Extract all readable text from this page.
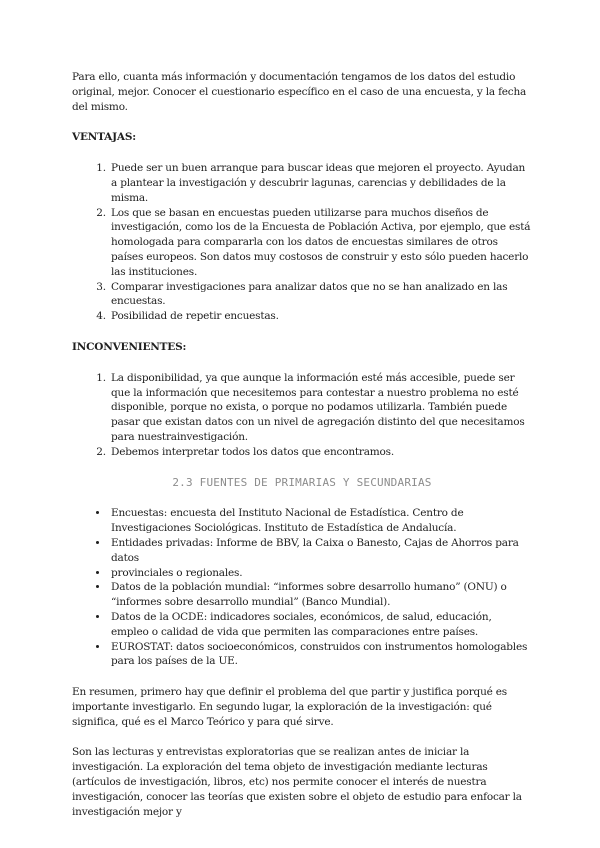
Para ello, cuanta más información y documentación tengamos de los datos del estudio original, mejor. Conocer el cuestionario específico en el caso de una encuesta, y la fecha del mismo.

VENTAJAS:

1. Puede ser un buen arranque para buscar ideas que mejoren el proyecto. Ayudan a plantear la investigación y descubrir lagunas, carencias y debilidades de la misma.
2. Los que se basan en encuestas pueden utilizarse para muchos diseños de investigación, como los de la Encuesta de Población Activa, por ejemplo, que está homologada para compararla con los datos de encuestas similares de otros países europeos. Son datos muy costosos de construir y esto sólo pueden hacerlo las instituciones.
3. Comparar investigaciones para analizar datos que no se han analizado en las encuestas.
4. Posibilidad de repetir encuestas.

INCONVENIENTES:

1. La disponibilidad, ya que aunque la información esté más accesible, puede ser que la información que necesitemos para contestar a nuestro problema no esté disponible, porque no exista, o porque no podamos utilizarla. También puede pasar que existan datos con un nivel de agregación distinto del que necesitamos para nuestrainvestigación.
2. Debemos interpretar todos los datos que encontramos.

2.3 FUENTES DE PRIMARIAS Y SECUNDARIAS

• Encuestas: encuesta del Instituto Nacional de Estadística. Centro de Investigaciones Sociológicas. Instituto de Estadística de Andalucía.
• Entidades privadas: Informe de BBV, la Caixa o Banesto, Cajas de Ahorros para datos
• provinciales o regionales.
• Datos de la población mundial: “informes sobre desarrollo humano” (ONU) o “informes sobre desarrollo mundial” (Banco Mundial).
• Datos de la OCDE: indicadores sociales, económicos, de salud, educación, empleo o calidad de vida que permiten las comparaciones entre países.
• EUROSTAT: datos socioeconómicos, construidos con instrumentos homologables para los países de la UE.

En resumen, primero hay que definir el problema del que partir y justifica porqué es importante investigarlo. En segundo lugar, la exploración de la investigación: qué significa, qué es el Marco Teórico y para qué sirve.

Son las lecturas y entrevistas exploratorias que se realizan antes de iniciar la investigación. La exploración del tema objeto de investigación mediante lecturas (artículos de investigación, libros, etc) nos permite conocer el interés de nuestra investigación, conocer las teorías que existen sobre el objeto de estudio para enfocar la investigación mejor y
